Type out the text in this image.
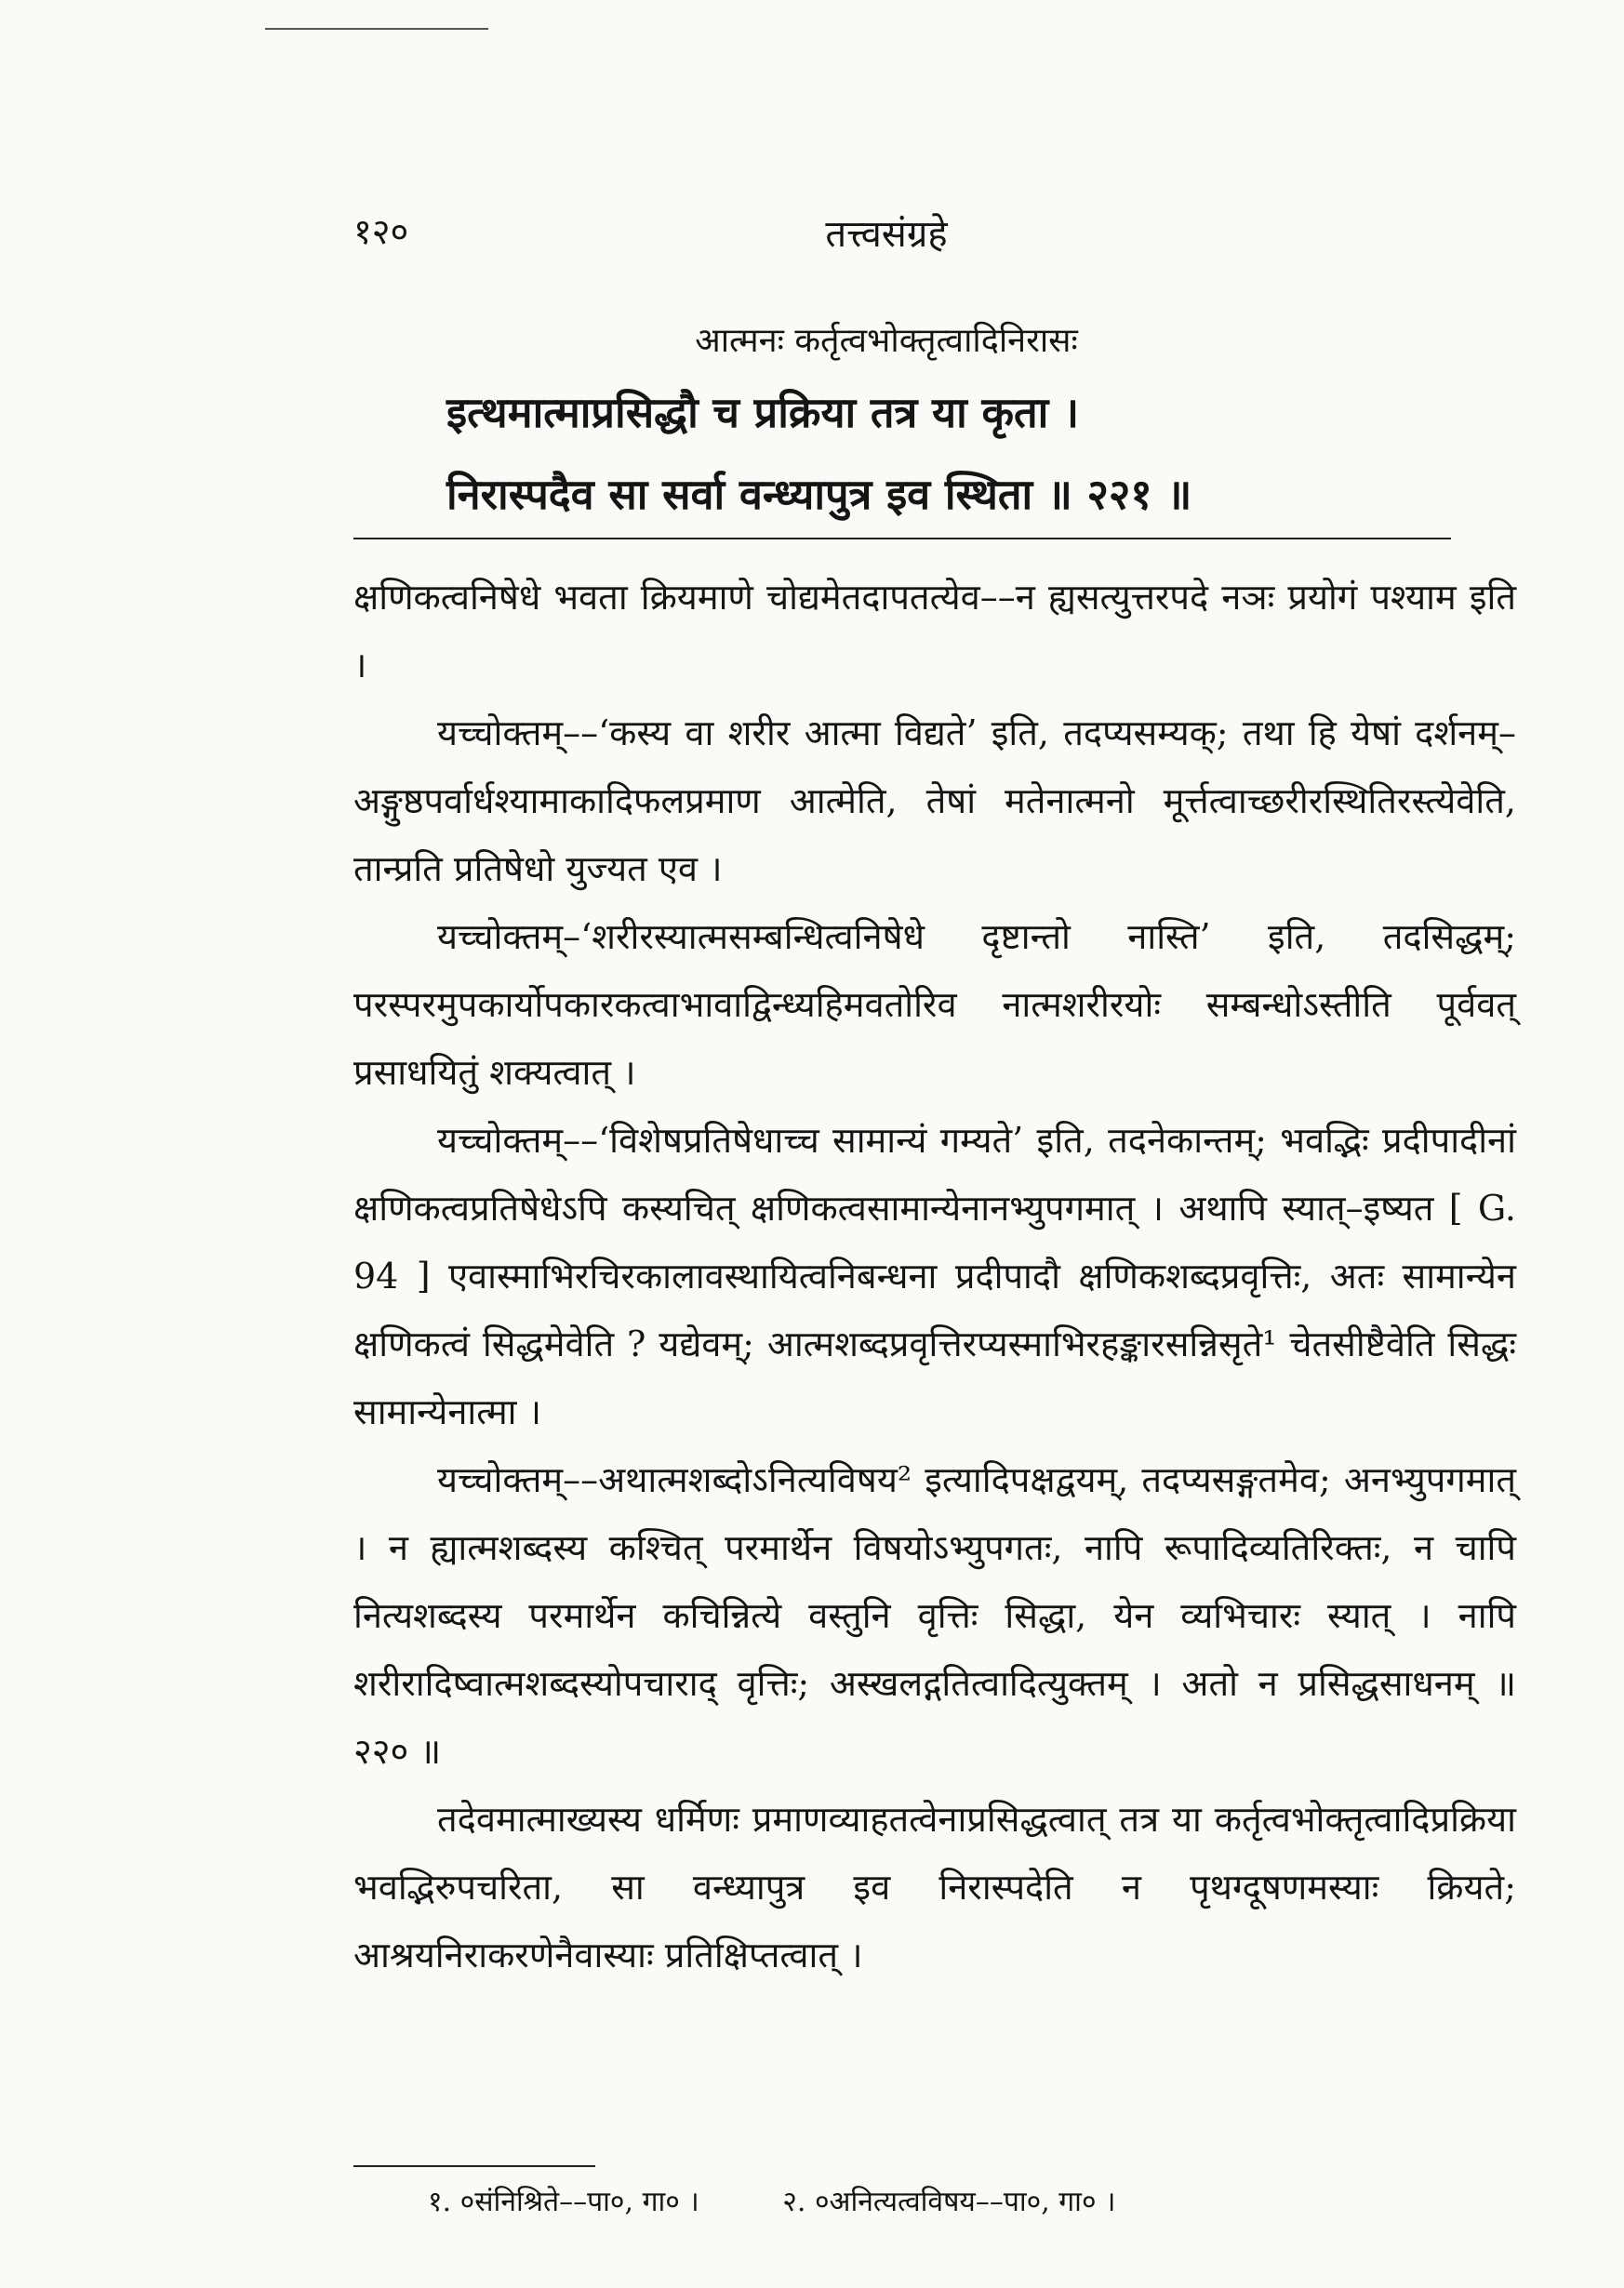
१२०	तत्त्वसंग्रहे
आत्मनः कर्तृत्वभोक्तृत्वादिनिरासः
इत्थमात्माप्रसिद्धौ च प्रक्रिया तत्र या कृता ।
निरास्पदैव सा सर्वा वन्ध्यापुत्र इव स्थिता ॥ २२१ ॥

क्षणिकत्वनिषेधे भवता क्रियमाणे चोद्यमेतदापतत्येव––न ह्यसत्युत्तरपदे नञः प्रयोगं पश्याम इति ।

यच्चोक्तम्––‘कस्य वा शरीर आत्मा विद्यते’ इति, तदप्यसम्यक्; तथा हि येषां दर्शनम्–अङ्गुष्ठपर्वार्धश्यामाकादिफलप्रमाण आत्मेति, तेषां मतेनात्मनो मूर्त्तत्वाच्छरीरस्थितिरस्त्येवेति, तान्प्रति प्रतिषेधो युज्यत एव ।

यच्चोक्तम्–‘शरीरस्यात्मसम्बन्धित्वनिषेधे दृष्टान्तो नास्ति’ इति, तदसिद्धम्; परस्परमुपकार्योपकारकत्वाभावाद्विन्ध्यहिमवतोरिव नात्मशरीरयोः सम्बन्धोऽस्तीति पूर्ववत् प्रसाधयितुं शक्यत्वात् ।

यच्चोक्तम्––‘विशेषप्रतिषेधाच्च सामान्यं गम्यते’ इति, तदनेकान्तम्; भवद्भिः प्रदीपादीनां क्षणिकत्वप्रतिषेधेऽपि कस्यचित् क्षणिकत्वसामान्येनानभ्युपगमात् । अथापि स्यात्–इष्यत [ G. 94 ] एवास्माभिरचिरकालावस्थायित्वनिबन्धना प्रदीपादौ क्षणिकशब्दप्रवृत्तिः, अतः सामान्येन क्षणिकत्वं सिद्धमेवेति ? यद्येवम्; आत्मशब्दप्रवृत्तिरप्यस्माभिरहङ्कारसन्निसृते¹ चेतसीष्टैवेति सिद्धः सामान्येनात्मा ।

यच्चोक्तम्––अथात्मशब्दोऽनित्यविषय² इत्यादिपक्षद्वयम्, तदप्यसङ्गतमेव; अनभ्युपगमात् । न ह्यात्मशब्दस्य कश्चित् परमार्थेन विषयोऽभ्युपगतः, नापि रूपादिव्यतिरिक्तः, न चापि नित्यशब्दस्य परमार्थेन कचिन्नित्ये वस्तुनि वृत्तिः सिद्धा, येन व्यभिचारः स्यात् । नापि शरीरादिष्वात्मशब्दस्योपचाराद् वृत्तिः; अस्खलद्गतित्वादित्युक्तम् । अतो न प्रसिद्धसाधनम् ॥ २२० ॥

तदेवमात्माख्यस्य धर्मिणः प्रमाणव्याहतत्वेनाप्रसिद्धत्वात् तत्र या कर्तृत्वभोक्तृत्वादिप्रक्रिया भवद्भिरुपचरिता, सा वन्ध्यापुत्र इव निरास्पदेति न पृथग्दूषणमस्याः क्रियते; आश्रयनिराकरणेनैवास्याः प्रतिक्षिप्तत्वात् ।

१. ०संनिश्रिते––पा०, गा० ।	२. ०अनित्यत्वविषय––पा०, गा० ।
